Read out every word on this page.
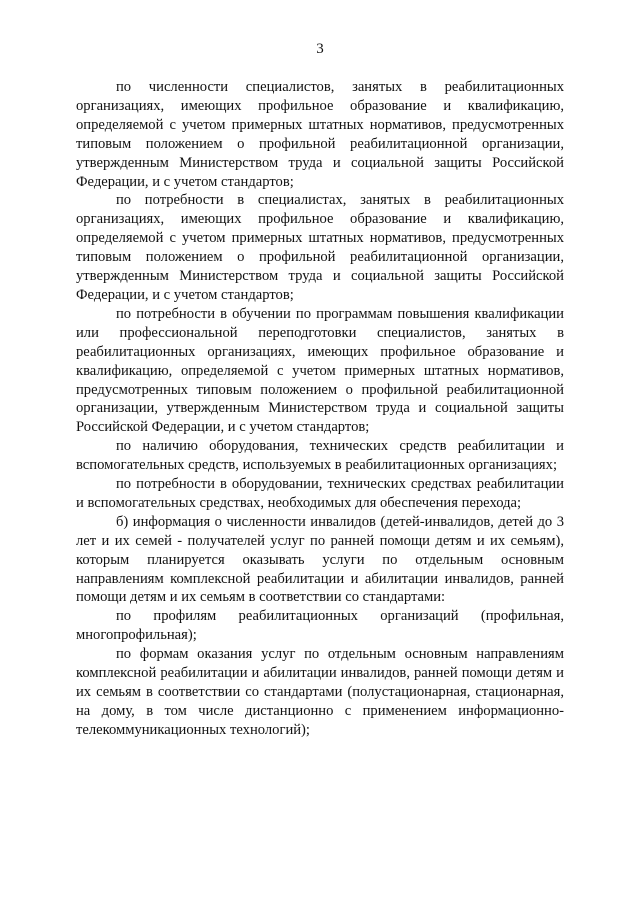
3

по численности специалистов, занятых в реабилитационных организациях, имеющих профильное образование и квалификацию, определяемой с учетом примерных штатных нормативов, предусмотренных типовым положением о профильной реабилитационной организации, утвержденным Министерством труда и социальной защиты Российской Федерации, и с учетом стандартов;

по потребности в специалистах, занятых в реабилитационных организациях, имеющих профильное образование и квалификацию, определяемой с учетом примерных штатных нормативов, предусмотренных типовым положением о профильной реабилитационной организации, утвержденным Министерством труда и социальной защиты Российской Федерации, и с учетом стандартов;

по потребности в обучении по программам повышения квалификации или профессиональной переподготовки специалистов, занятых в реабилитационных организациях, имеющих профильное образование и квалификацию, определяемой с учетом примерных штатных нормативов, предусмотренных типовым положением о профильной реабилитационной организации, утвержденным Министерством труда и социальной защиты Российской Федерации, и с учетом стандартов;

по наличию оборудования, технических средств реабилитации и вспомогательных средств, используемых в реабилитационных организациях;

по потребности в оборудовании, технических средствах реабилитации и вспомогательных средствах, необходимых для обеспечения перехода;

б) информация о численности инвалидов (детей-инвалидов, детей до 3 лет и их семей - получателей услуг по ранней помощи детям и их семьям), которым планируется оказывать услуги по отдельным основным направлениям комплексной реабилитации и абилитации инвалидов, ранней помощи детям и их семьям в соответствии со стандартами:

по профилям реабилитационных организаций (профильная, многопрофильная);

по формам оказания услуг по отдельным основным направлениям комплексной реабилитации и абилитации инвалидов, ранней помощи детям и их семьям в соответствии со стандартами (полустационарная, стационарная, на дому, в том числе дистанционно с применением информационно-телекоммуникационных технологий);
